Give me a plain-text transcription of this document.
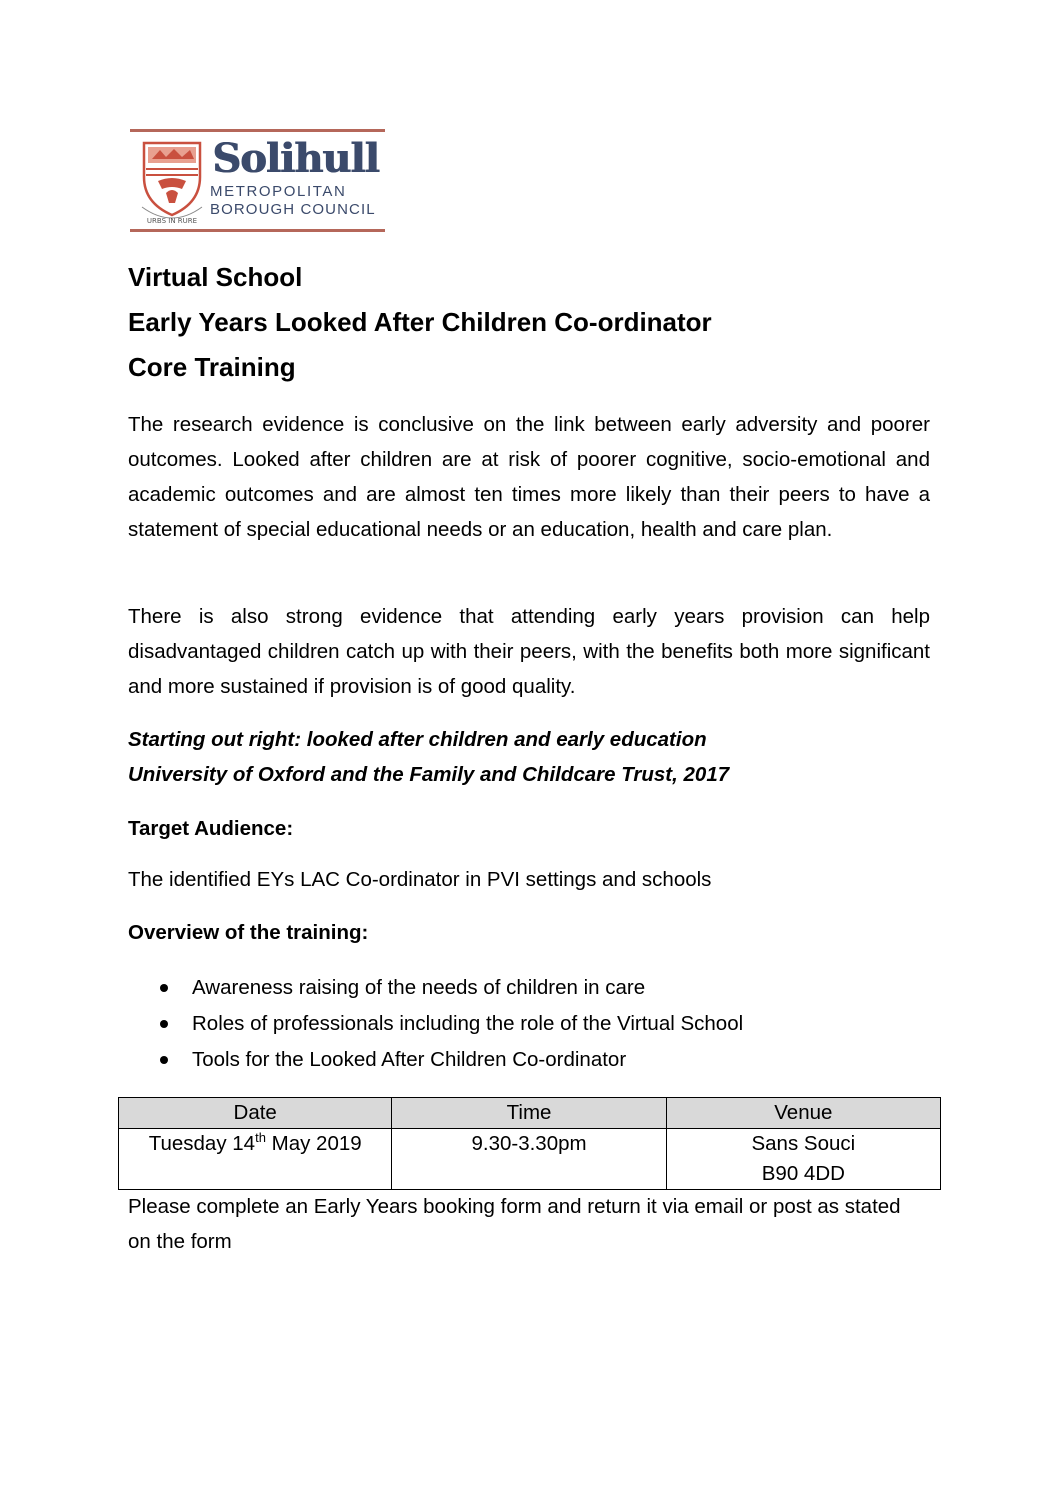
URBS IN RURE
Solihull
METROPOLITAN
BOROUGH COUNCIL
Virtual School
Early Years Looked After Children Co-ordinator
Core Training

The research evidence is conclusive on the link between early adversity and poorer outcomes. Looked after children are at risk of poorer cognitive, socio-emotional and academic outcomes and are almost ten times more likely than their peers to have a statement of special educational needs or an education, health and care plan.

There is also strong evidence that attending early years provision can help disadvantaged children catch up with their peers, with the benefits both more significant and more sustained if provision is of good quality.

Starting out right: looked after children and early education
University of Oxford and the Family and Childcare Trust, 2017
Target Audience:
The identified EYs LAC Co-ordinator in PVI settings and schools
Overview of the training:
Awareness raising of the needs of children in care
Roles of professionals including the role of the Virtual School
Tools for the Looked After Children Co-ordinator
Date	Time	Venue
Tuesday 14th May 2019	9.30-3.30pm	Sans Souci
B90 4DD

Please complete an Early Years booking form and return it via email or post as stated on the form
